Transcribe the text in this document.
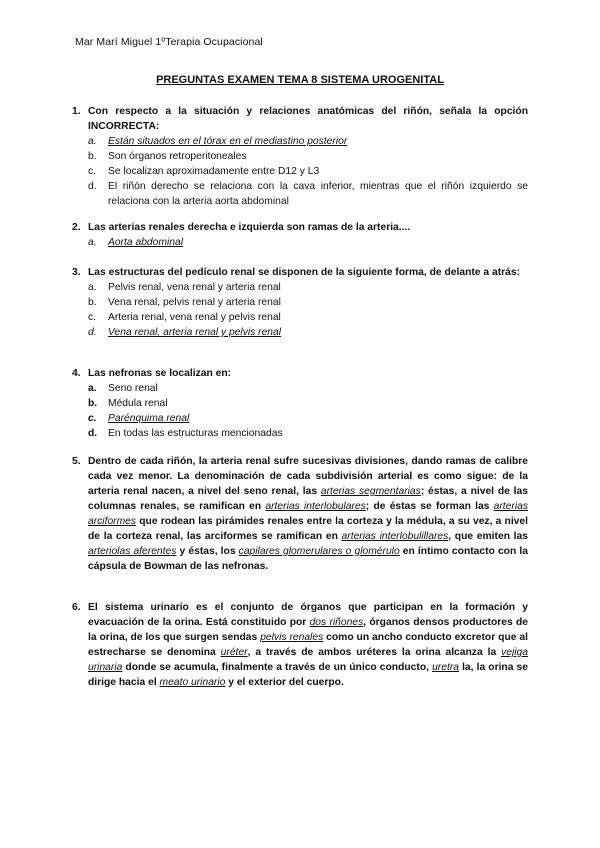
Mar Marí Miguel 1ºTerapia Ocupacional
PREGUNTAS EXAMEN TEMA 8 SISTEMA UROGENITAL
1. Con respecto a la situación y relaciones anatómicas del riñón, señala la opción INCORRECTA:
a. Están situados en el tórax en el mediastino posterior
b. Son órganos retroperitoneales
c. Se localizan aproximadamente entre D12 y L3
d. El riñón derecho se relaciona con la cava inferior, mientras que el riñón izquierdo se relaciona con la arteria aorta abdominal
2. Las arterias renales derecha e izquierda son ramas de la arteria....
a. Aorta abdominal
3. Las estructuras del pedículo renal se disponen de la siguiente forma, de delante a atrás:
a. Pelvis renal, vena renal y arteria renal
b. Vena renal, pelvis renal y arteria renal
c. Arteria renal, vena renal y pelvis renal
d. Vena renal, arteria renal y pelvis renal
4. Las nefronas se localizan en:
a. Seno renal
b. Médula renal
c. Parénquima renal
d. En todas las estructuras mencionadas
5. Dentro de cada riñón, la arteria renal sufre sucesivas divisiones, dando ramas de calibre cada vez menor. La denominación de cada subdivisión arterial es como sigue: de la arteria renal nacen, a nivel del seno renal, las arterias segmentarias; éstas, a nivel de las columnas renales, se ramifican en arterias interlobulares; de éstas se forman las arterias arciformes que rodean las pirámides renales entre la corteza y la médula, a su vez, a nivel de la corteza renal, las arciformes se ramifican en arterias interlobulillares, que emiten las arteriolas aferentes y éstas, los capilares glomerulares o glomérulo en íntimo contacto con la cápsula de Bowman de las nefronas.
6. El sistema urinario es el conjunto de órganos que participan en la formación y evacuación de la orina. Está constituido por dos riñones, órganos densos productores de la orina, de los que surgen sendas pelvis renales como un ancho conducto excretor que al estrecharse se denomina uréter, a través de ambos uréteres la orina alcanza la vejiga urinaria donde se acumula, finalmente a través de un único conducto, uretra la, la orina se dirige hacia el meato urinario y el exterior del cuerpo.
